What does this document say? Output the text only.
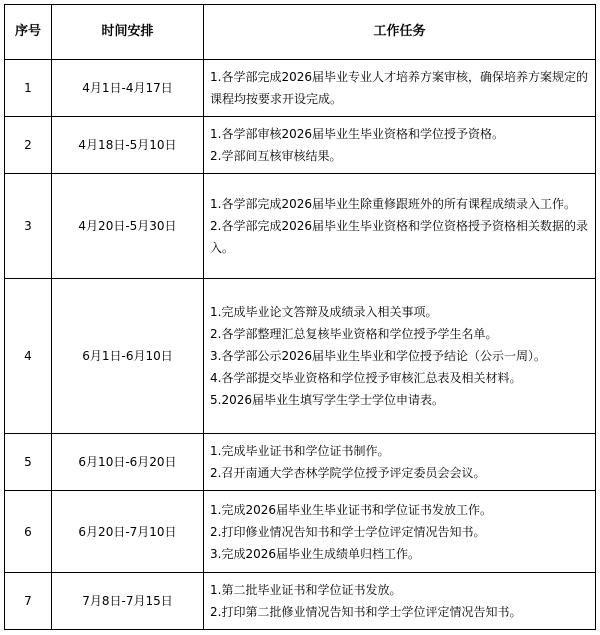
序号	时间安排	工作任务
1	4月1日-4月17日	1.各学部完成2026届毕业专业人才培养方案审核，确保培养方案规定的课程均按要求开设完成。

2	4月18日-5月10日	1.各学部审核2026届毕业生毕业资格和学位授予资格。
2.学部间互核审核结果。

3	4月20日-5月30日	1.各学部完成2026届毕业生除重修跟班外的所有课程成绩录入工作。
2.各学部完成2026届毕业生毕业资格和学位资格授予资格相关数据的录入。

4	6月1日-6月10日	1.完成毕业论文答辩及成绩录入相关事项。
2.各学部整理汇总复核毕业资格和学位授予学生名单。
3.各学部公示2026届毕业生毕业和学位授予结论（公示一周）。
4.各学部提交毕业资格和学位授予审核汇总表及相关材料。
5.2026届毕业生填写学生学士学位申请表。

5	6月10日-6月20日	1.完成毕业证书和学位证书制作。
2.召开南通大学杏林学院学位授予评定委员会会议。

6	6月20日-7月10日	1.完成2026届毕业生毕业证书和学位证书发放工作。
2.打印修业情况告知书和学士学位评定情况告知书。
3.完成2026届毕业生成绩单归档工作。

7	7月8日-7月15日	1.第二批毕业证书和学位证书发放。
2.打印第二批修业情况告知书和学士学位评定情况告知书。
